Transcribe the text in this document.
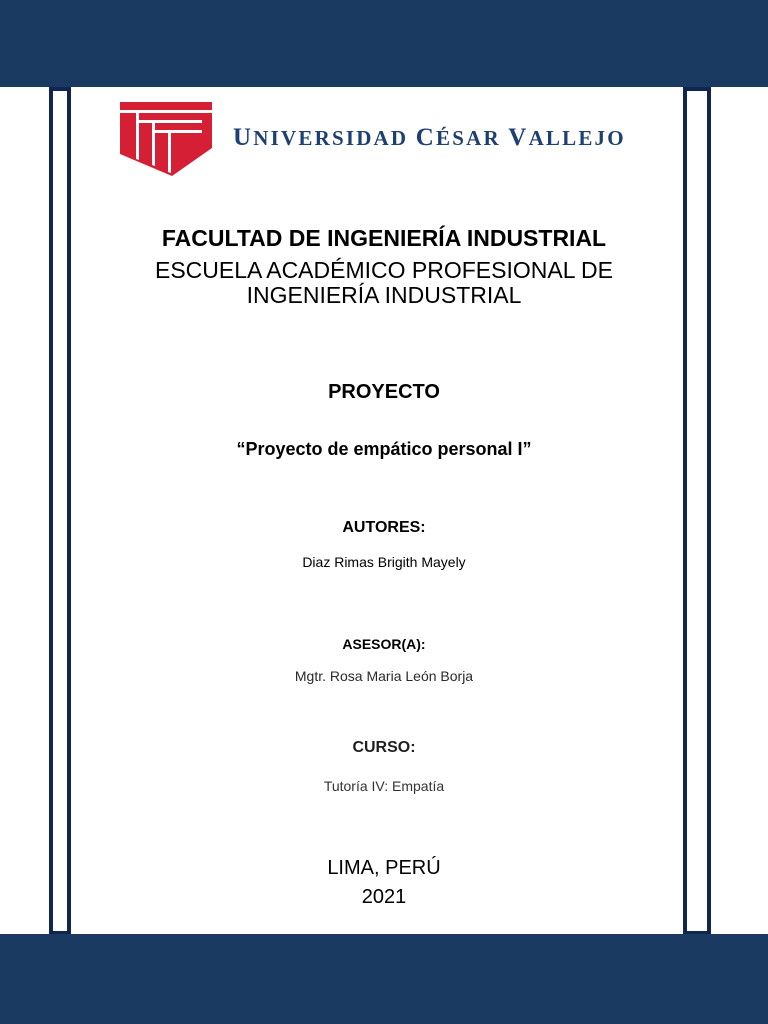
UNIVERSIDAD CÉSAR VALLEJO
FACULTAD DE INGENIERÍA INDUSTRIAL
ESCUELA ACADÉMICO PROFESIONAL DE
INGENIERÍA INDUSTRIAL
PROYECTO
“Proyecto de empático personal I”
AUTORES:
Diaz Rimas Brigith Mayely
ASESOR(A):
Mgtr. Rosa Maria León Borja
CURSO:
Tutoría IV: Empatía
LIMA, PERÚ
2021
